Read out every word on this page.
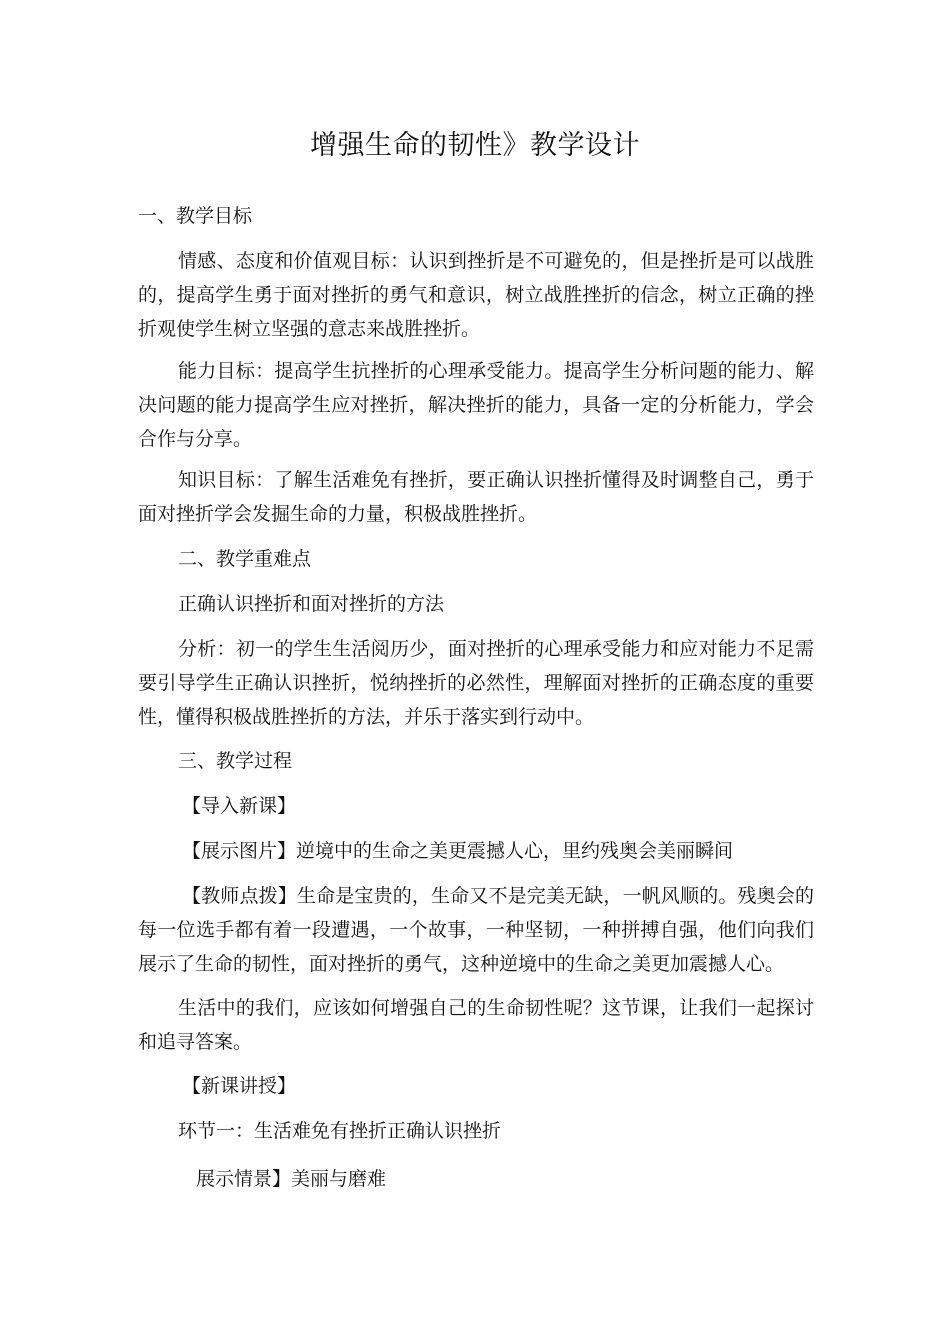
增强生命的韧性》教学设计
一、教学目标
情感、态度和价值观目标：认识到挫折是不可避免的，但是挫折是可以战胜的，提高学生勇于面对挫折的勇气和意识，树立战胜挫折的信念，树立正确的挫折观使学生树立坚强的意志来战胜挫折。
能力目标：提高学生抗挫折的心理承受能力。提高学生分析问题的能力、解决问题的能力提高学生应对挫折，解决挫折的能力，具备一定的分析能力，学会合作与分享。
知识目标：了解生活难免有挫折，要正确认识挫折懂得及时调整自己，勇于面对挫折学会发掘生命的力量，积极战胜挫折。
二、教学重难点
正确认识挫折和面对挫折的方法
分析：初一的学生生活阅历少，面对挫折的心理承受能力和应对能力不足需要引导学生正确认识挫折，悦纳挫折的必然性，理解面对挫折的正确态度的重要性，懂得积极战胜挫折的方法，并乐于落实到行动中。
三、教学过程
【导入新课】
【展示图片】逆境中的生命之美更震撼人心，里约残奥会美丽瞬间
【教师点拨】生命是宝贵的，生命又不是完美无缺，一帆风顺的。残奥会的每一位选手都有着一段遭遇，一个故事，一种坚韧，一种拼搏自强，他们向我们展示了生命的韧性，面对挫折的勇气，这种逆境中的生命之美更加震撼人心。
生活中的我们，应该如何增强自己的生命韧性呢？这节课，让我们一起探讨和追寻答案。
【新课讲授】
环节一：生活难免有挫折正确认识挫折
展示情景】美丽与磨难
